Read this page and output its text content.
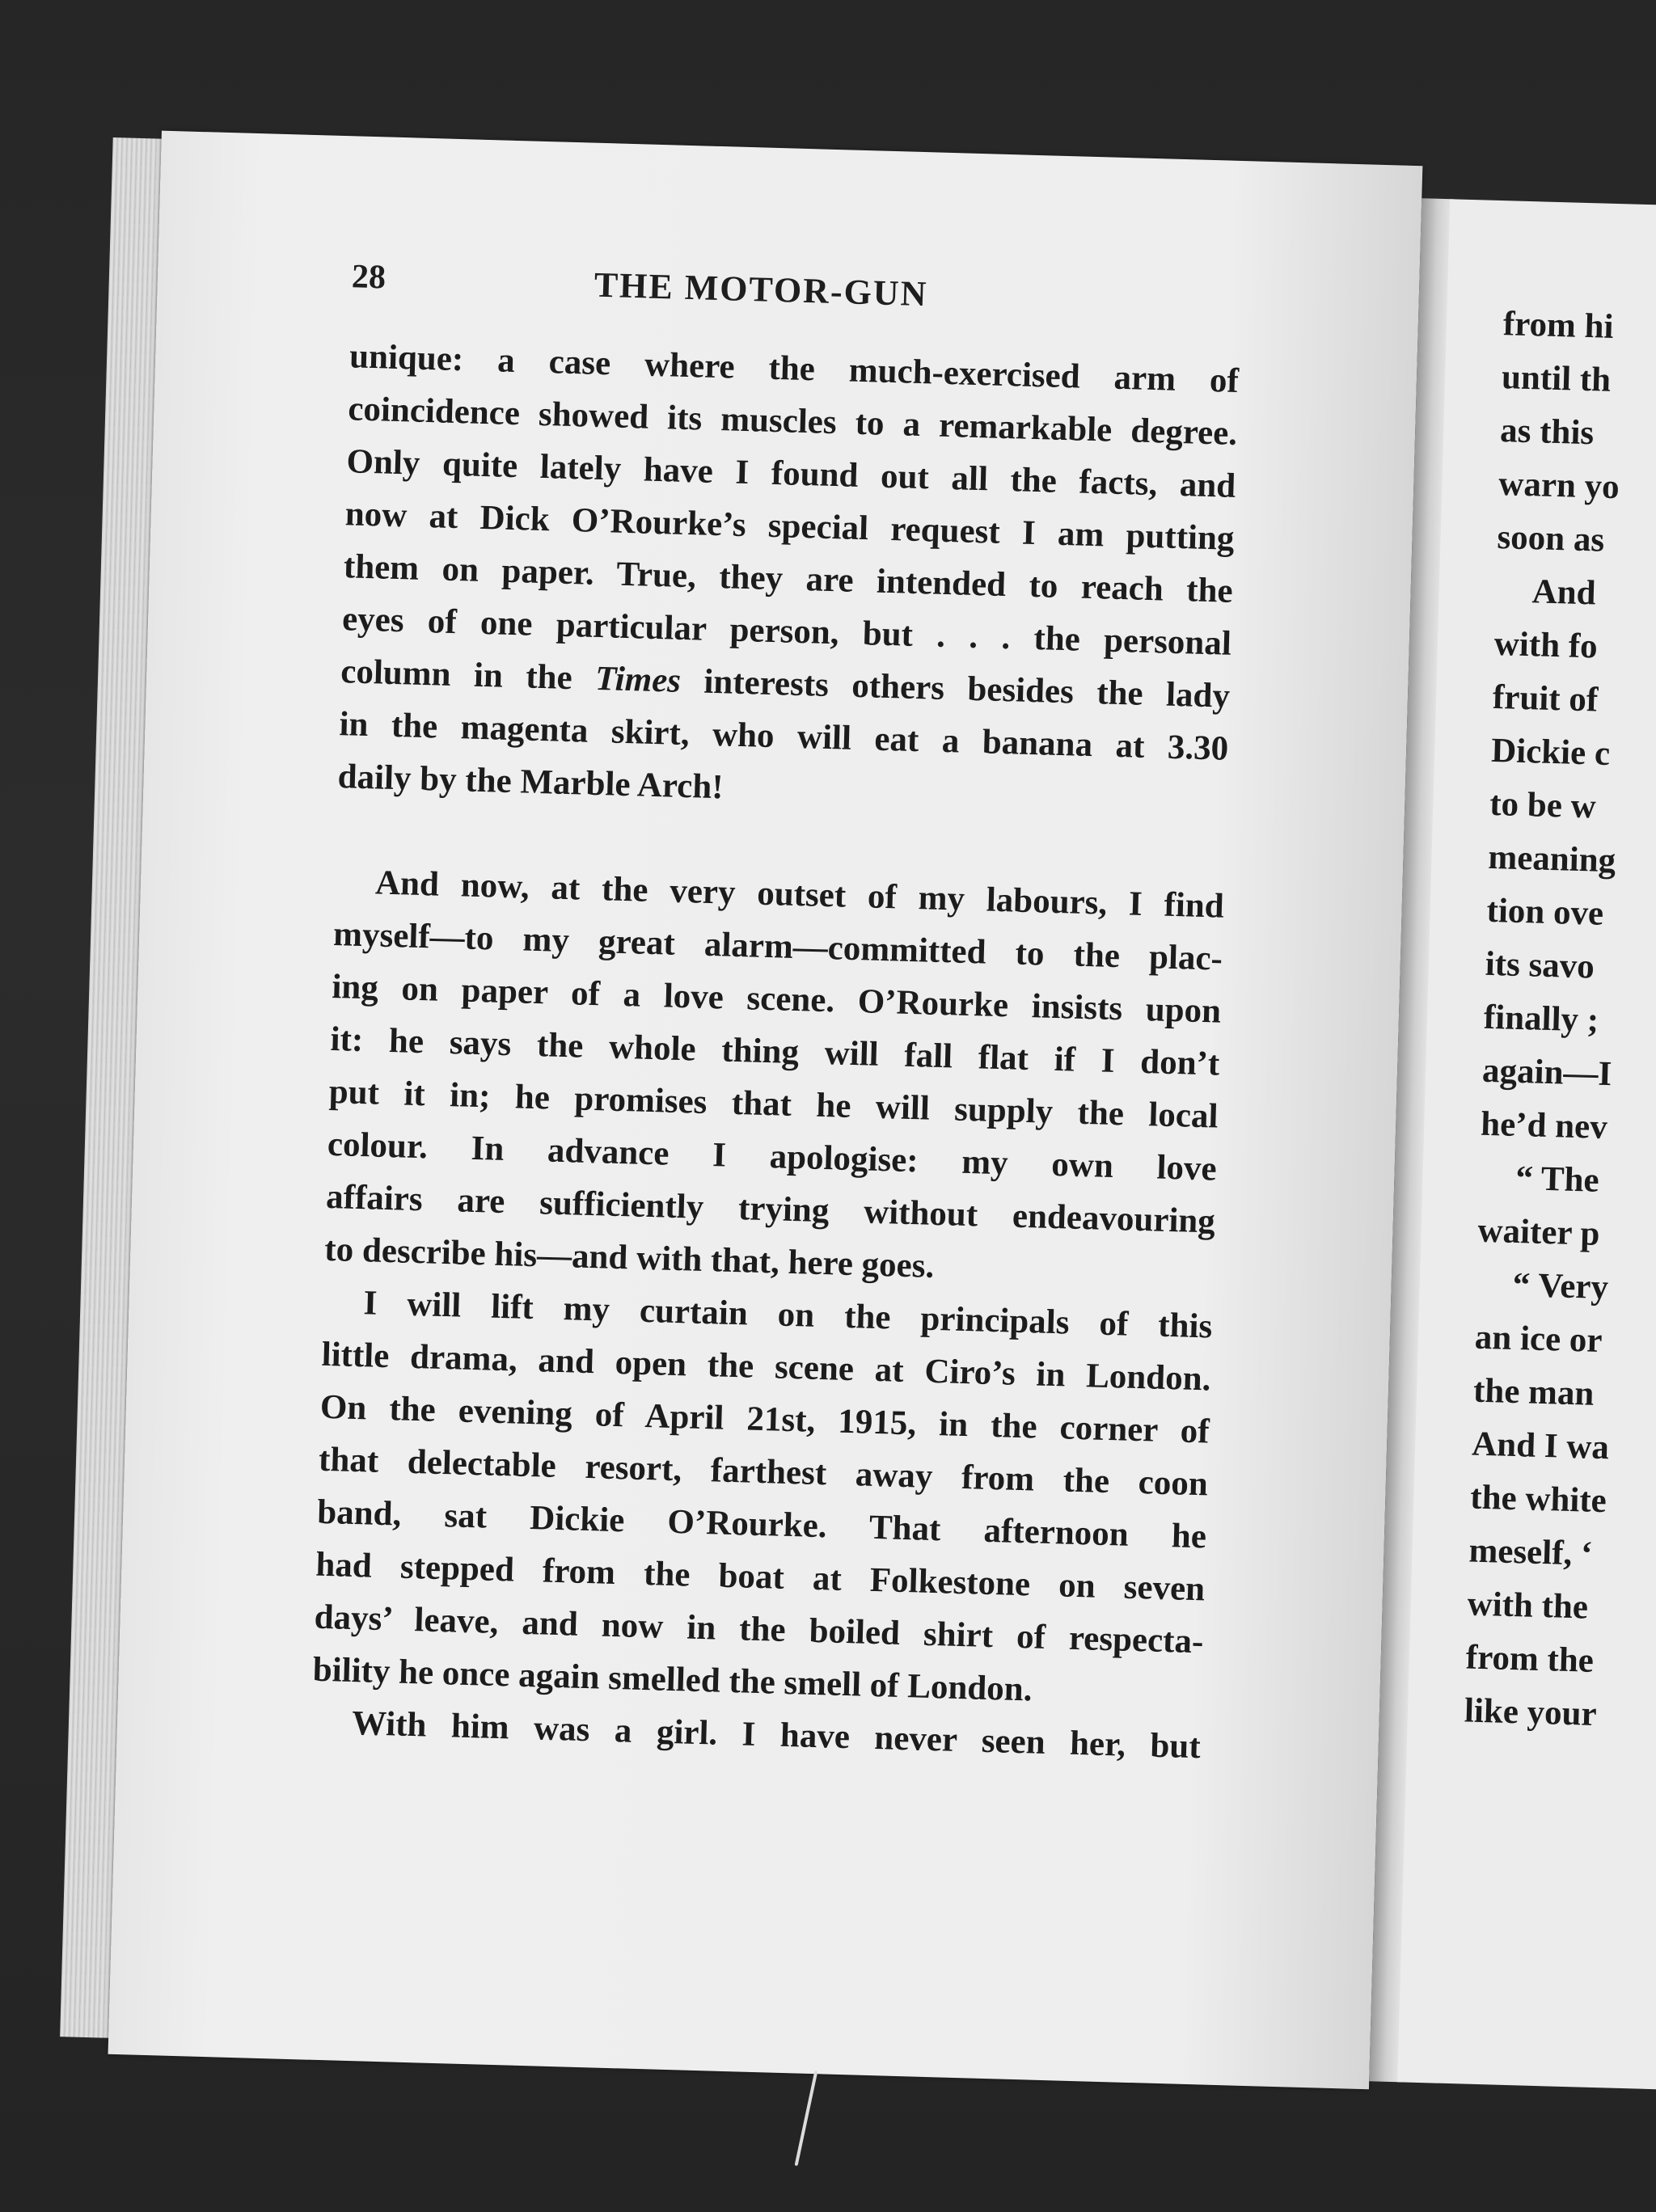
28	THE MOTOR-GUN
unique: a case where the much-exercised arm of
coincidence showed its muscles to a remarkable degree.
Only quite lately have I found out all the facts, and
now at Dick O’Rourke’s special request I am putting
them on paper. True, they are intended to reach the
eyes of one particular person, but . . . the personal
column in the Times interests others besides the lady
in the magenta skirt, who will eat a banana at 3.30
daily by the Marble Arch!
And now, at the very outset of my labours, I find
myself—to my great alarm—committed to the plac-
ing on paper of a love scene. O’Rourke insists upon
it: he says the whole thing will fall flat if I don’t
put it in; he promises that he will supply the local
colour. In advance I apologise: my own love
affairs are sufficiently trying without endeavouring
to describe his—and with that, here goes.
I will lift my curtain on the principals of this
little drama, and open the scene at Ciro’s in London.
On the evening of April 21st, 1915, in the corner of
that delectable resort, farthest away from the coon
band, sat Dickie O’Rourke. That afternoon he
had stepped from the boat at Folkestone on seven
days’ leave, and now in the boiled shirt of respecta-
bility he once again smelled the smell of London.
With him was a girl. I have never seen her, but
from hi
until th
as this
warn yo
soon as
And
with fo
fruit of
Dickie c
to be w
meaning
tion ove
its savo
finally ;
again—I
he’d nev
“ The
waiter p
“ Very
an ice or
the man
And I wa
the white
meself, ‘
with the
from the
like your
